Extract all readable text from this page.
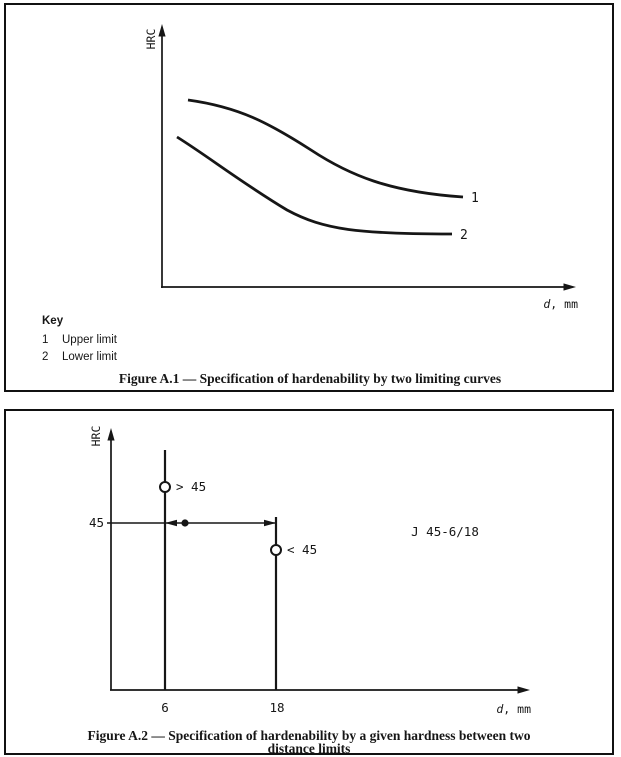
HRC
d, mm
1
2
Key
1 Upper limit
2 Lower limit
Figure A.1 — Specification of hardenability by two limiting curves
HRC
d, mm
45
> 45
< 45
J 45-6/18
6	18
Figure A.2 — Specification of hardenability by a given hardness between two
distance limits
